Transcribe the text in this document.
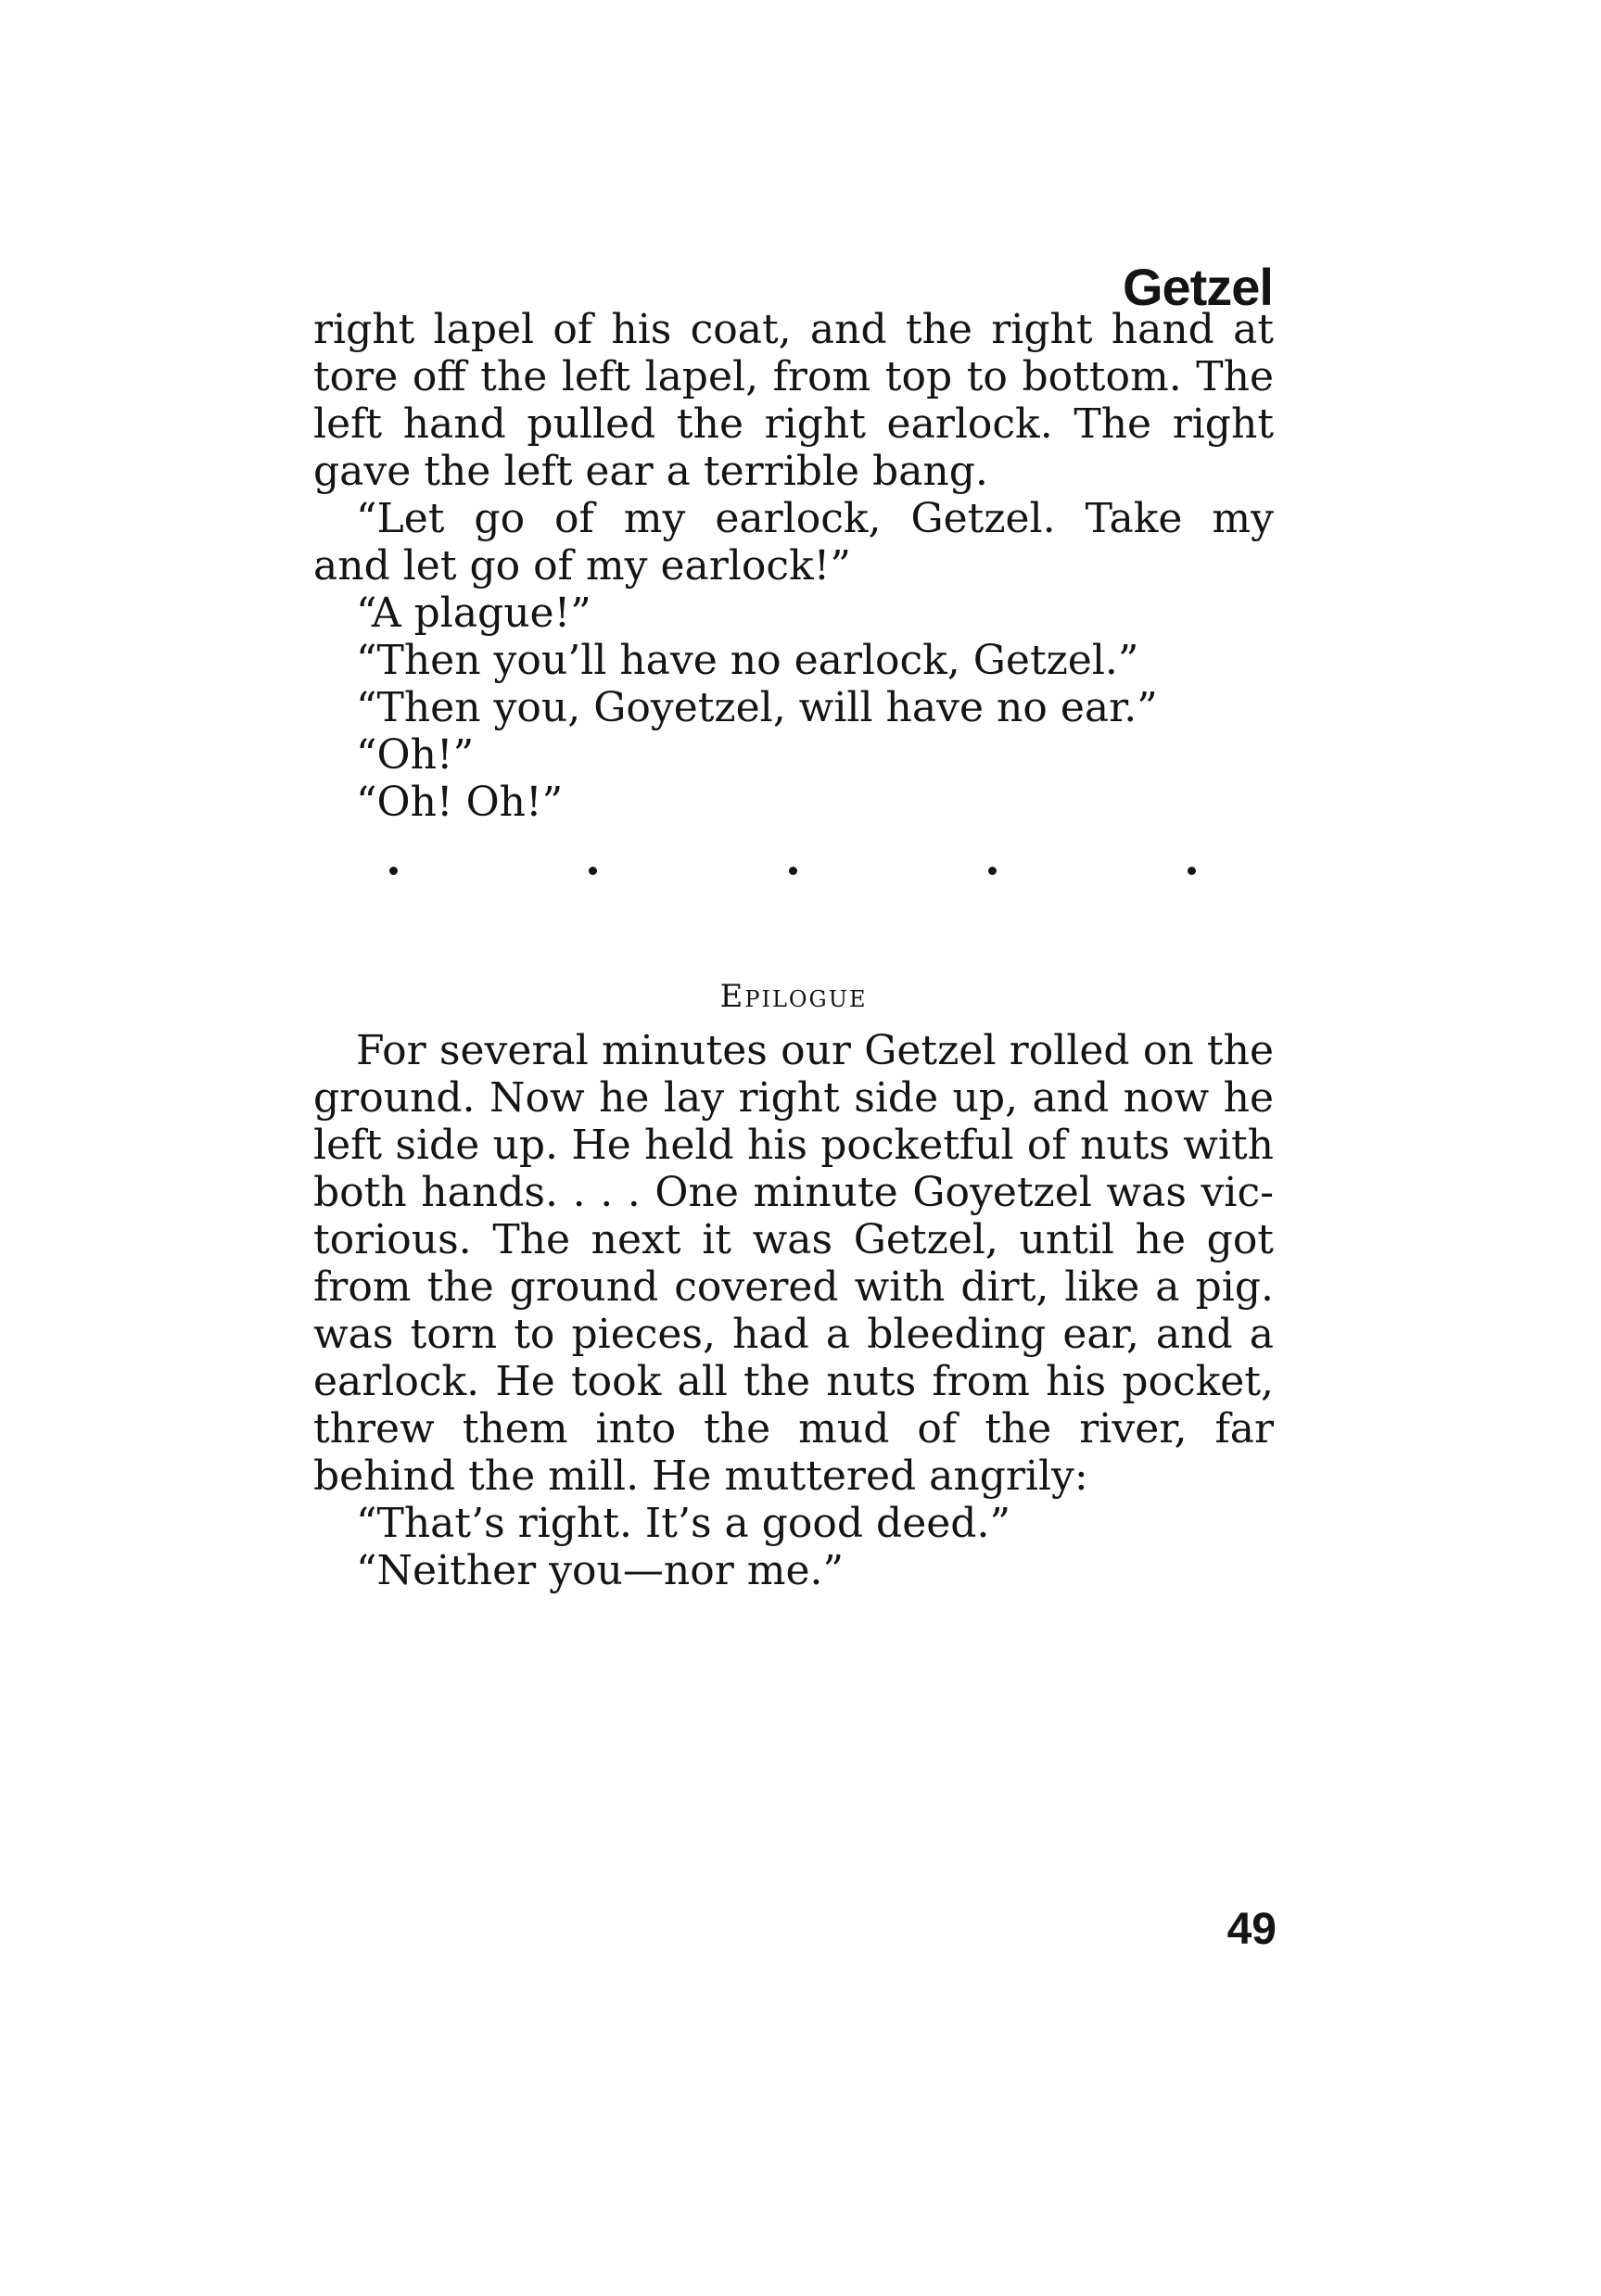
Getzel
right lapel of his coat, and the right hand at
tore off the left lapel, from top to bottom. The
left hand pulled the right earlock. The right
gave the left ear a terrible bang.
“Let go of my earlock, Getzel. Take my
and let go of my earlock!”
“A plague!”
“Then you’ll have no earlock, Getzel.”
“Then you, Goyetzel, will have no ear.”
“Oh!”
“Oh! Oh!”
Epilogue
For several minutes our Getzel rolled on the
ground. Now he lay right side up, and now he
left side up. He held his pocketful of nuts with
both hands. . . . One minute Goyetzel was vic-
torious. The next it was Getzel, until he got
from the ground covered with dirt, like a pig.
was torn to pieces, had a bleeding ear, and a
earlock. He took all the nuts from his pocket,
threw them into the mud of the river, far
behind the mill. He muttered angrily:
“That’s right. It’s a good deed.”
“Neither you—nor me.”
49
